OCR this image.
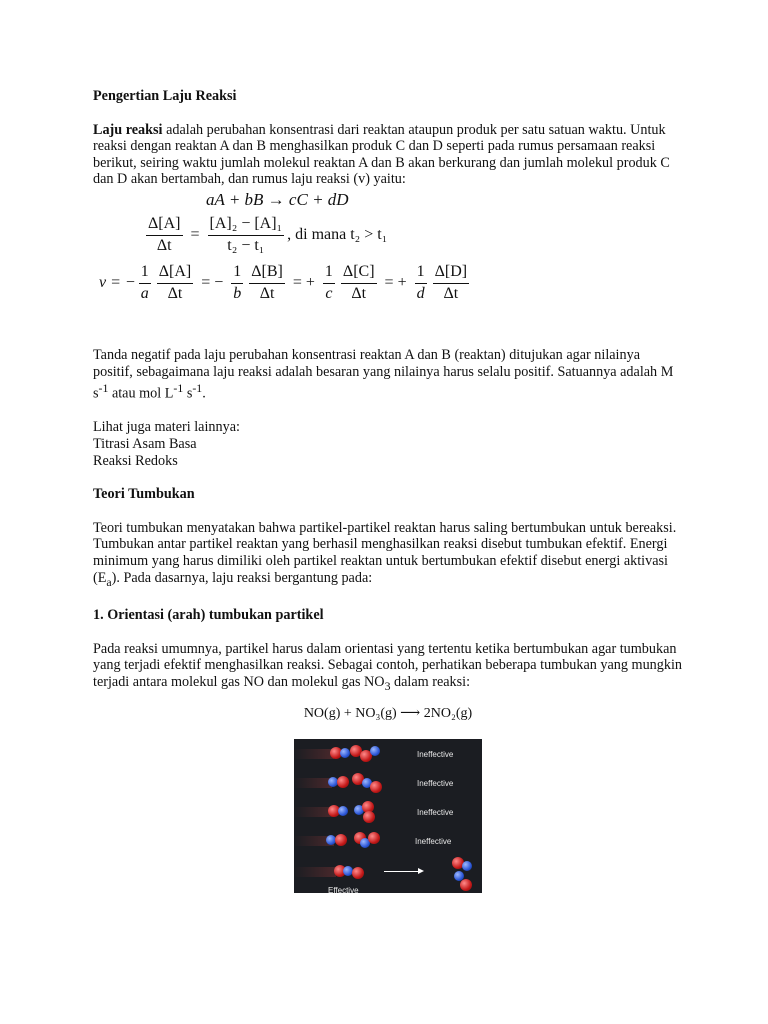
Pengertian Laju Reaksi

Laju reaksi adalah perubahan konsentrasi dari reaktan ataupun produk per satu satuan waktu. Untuk reaksi dengan reaktan A dan B menghasilkan produk C dan D seperti pada rumus persamaan reaksi berikut, seiring waktu jumlah molekul reaktan A dan B akan berkurang dan jumlah molekul produk C dan D akan bertambah, dan rumus laju reaksi (v) yaitu:

aA + bB → cC + dD
$\frac{\Delta[A]}{\Delta t} = \frac{\text{[A]₂ − [A]₁}}{\text{t₂ − t₁}}$ , di mana t₂ > t₁
v = − $\frac{1}{a} \frac{\Delta[A]}{\Delta t}$ = − $\frac{1}{b} \frac{\Delta[B]}{\Delta t}$ = + $\frac{1}{c} \frac{\Delta[C]}{\Delta t}$ = + $\frac{1}{d} \frac{\Delta[D]}{\Delta t}$

Tanda negatif pada laju perubahan konsentrasi reaktan A dan B (reaktan) ditujukan agar nilainya positif, sebagaimana laju reaksi adalah besaran yang nilainya harus selalu positif. Satuannya adalah M $s^{-1}$ atau mol $L^{-1}$ $s^{-1}$.

Lihat juga materi lainnya:

Titrasi Asam Basa

Reaksi Redoks

Teori Tumbukan

Teori tumbukan menyatakan bahwa partikel-partikel reaktan harus saling bertumbukan untuk bereaksi. Tumbukan antar partikel reaktan yang berhasil menghasilkan reaksi disebut tumbukan efektif. Energi minimum yang harus dimiliki oleh partikel reaktan untuk bertumbukan efektif disebut energi aktivasi $(E_a)$. Pada dasarnya, laju reaksi bergantung pada:

1. Orientasi (arah) tumbukan partikel

Pada reaksi umumnya, partikel harus dalam orientasi yang tertentu ketika bertumbukan agar tumbukan yang terjadi efektif menghasilkan reaksi. Sebagai contoh, perhatikan beberapa tumbukan yang mungkin terjadi antara molekul gas NO dan molekul gas $NO_3$ dalam reaksi:

NO(g) + NO₃(g) ⟶ 2NO₂(g)

Ineffective
Ineffective
Ineffective
Ineffective
Effective
